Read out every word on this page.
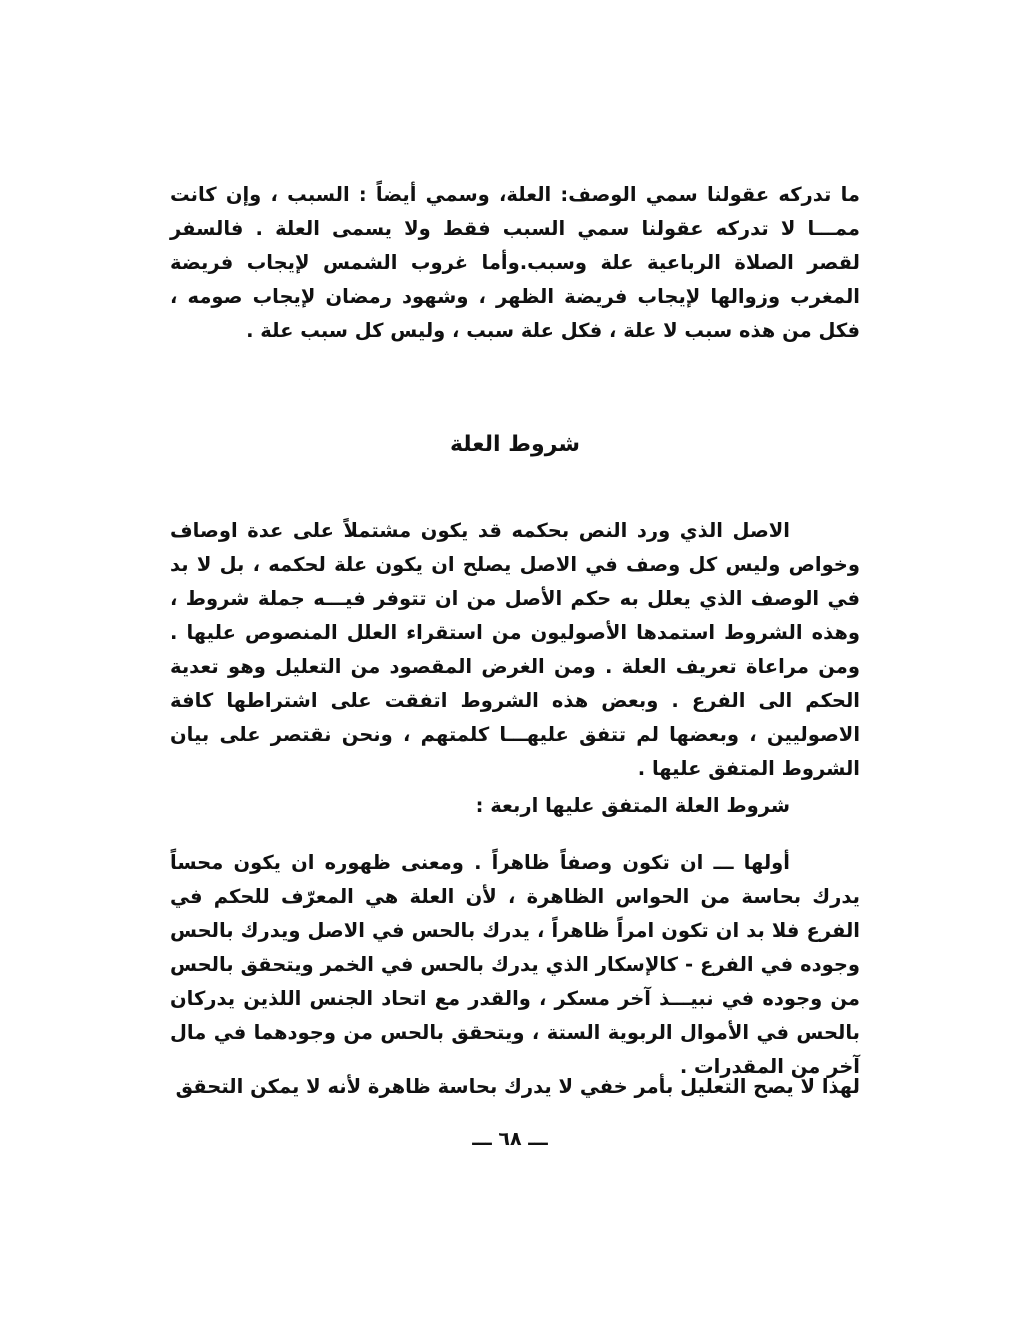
ما تدركه عقولنا سمي الوصف: العلة، وسمي أيضاً : السبب ، وإن كانت ممـــا لا تدركه عقولنا سمي السبب فقط ولا يسمى العلة . فالسفر لقصر الصلاة الرباعية علة وسبب.وأما غروب الشمس لإيجاب فريضة المغرب وزوالها لإيجاب فريضة الظهر ، وشهود رمضان لإيجاب صومه ، فكل من هذه سبب لا علة ، فكل علة سبب ، وليس كل سبب علة .

شروط العلة

الاصل الذي ورد النص بحكمه قد يكون مشتملاً على عدة اوصاف وخواص وليس كل وصف في الاصل يصلح ان يكون علة لحكمه ، بل لا بد في الوصف الذي يعلل به حكم الأصل من ان تتوفر فيـــه جملة شروط ، وهذه الشروط استمدها الأصوليون من استقراء العلل المنصوص عليها . ومن مراعاة تعريف العلة . ومن الغرض المقصود من التعليل وهو تعدية الحكم الى الفرع . وبعض هذه الشروط اتفقت على اشتراطها كافة الاصوليين ، وبعضها لم تتفق عليهـــا كلمتهم ، ونحن نقتصر على بيان الشروط المتفق عليها .

شروط العلة المتفق عليها اربعة :

أولها ـــ ان تكون وصفاً ظاهراً . ومعنى ظهوره ان يكون محساً يدرك بحاسة من الحواس الظاهرة ، لأن العلة هي المعرّف للحكم في الفرع فلا بد ان تكون امراً ظاهراً ، يدرك بالحس في الاصل ويدرك بالحس وجوده في الفرع - كالإسكار الذي يدرك بالحس في الخمر ويتحقق بالحس من وجوده في نبيـــذ آخر مسكر ، والقدر مع اتحاد الجنس اللذين يدركان بالحس في الأموال الربوية الستة ، ويتحقق بالحس من وجودهما في مال آخر من المقدرات .

لهذا لا يصح التعليل بأمر خفي لا يدرك بحاسة ظاهرة لأنه لا يمكن التحقق

ـــ ٦٨ ـــ
